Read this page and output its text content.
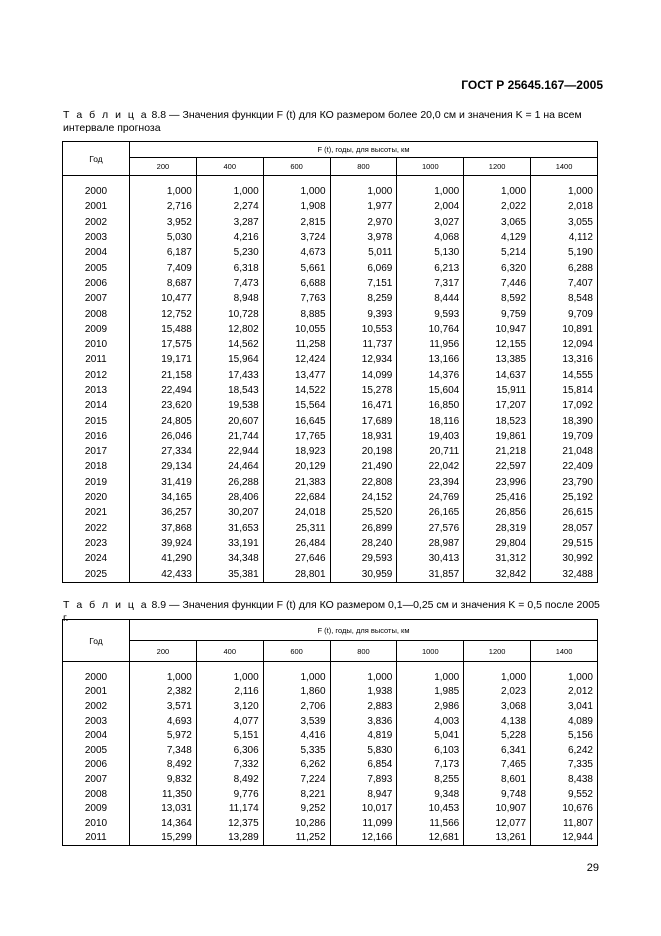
ГОСТ Р 25645.167—2005
Т а б л и ц а 8.8 — Значения функции F (t) для КО размером более 20,0 см и значения K = 1 на всем интервале прогноза
Год	F (t), годы, для высоты, км						
	200	400	600	800	1000	1200	1400

2000	1,000	1,000	1,000	1,000	1,000	1,000	1,000
2001	2,716	2,274	1,908	1,977	2,004	2,022	2,018
2002	3,952	3,287	2,815	2,970	3,027	3,065	3,055
2003	5,030	4,216	3,724	3,978	4,068	4,129	4,112
2004	6,187	5,230	4,673	5,011	5,130	5,214	5,190
2005	7,409	6,318	5,661	6,069	6,213	6,320	6,288
2006	8,687	7,473	6,688	7,151	7,317	7,446	7,407
2007	10,477	8,948	7,763	8,259	8,444	8,592	8,548
2008	12,752	10,728	8,885	9,393	9,593	9,759	9,709
2009	15,488	12,802	10,055	10,553	10,764	10,947	10,891
2010	17,575	14,562	11,258	11,737	11,956	12,155	12,094
2011	19,171	15,964	12,424	12,934	13,166	13,385	13,316
2012	21,158	17,433	13,477	14,099	14,376	14,637	14,555
2013	22,494	18,543	14,522	15,278	15,604	15,911	15,814
2014	23,620	19,538	15,564	16,471	16,850	17,207	17,092
2015	24,805	20,607	16,645	17,689	18,116	18,523	18,390
2016	26,046	21,744	17,765	18,931	19,403	19,861	19,709
2017	27,334	22,944	18,923	20,198	20,711	21,218	21,048
2018	29,134	24,464	20,129	21,490	22,042	22,597	22,409
2019	31,419	26,288	21,383	22,808	23,394	23,996	23,790
2020	34,165	28,406	22,684	24,152	24,769	25,416	25,192
2021	36,257	30,207	24,018	25,520	26,165	26,856	26,615
2022	37,868	31,653	25,311	26,899	27,576	28,319	28,057
2023	39,924	33,191	26,484	28,240	28,987	29,804	29,515
2024	41,290	34,348	27,646	29,593	30,413	31,312	30,992
2025	42,433	35,381	28,801	30,959	31,857	32,842	32,488
Т а б л и ц а 8.9 — Значения функции F (t) для КО размером 0,1—0,25 см и значения K = 0,5 после 2005 г.
Год	F (t), годы, для высоты, км						
	200	400	600	800	1000	1200	1400

2000	1,000	1,000	1,000	1,000	1,000	1,000	1,000
2001	2,382	2,116	1,860	1,938	1,985	2,023	2,012
2002	3,571	3,120	2,706	2,883	2,986	3,068	3,041
2003	4,693	4,077	3,539	3,836	4,003	4,138	4,089
2004	5,972	5,151	4,416	4,819	5,041	5,228	5,156
2005	7,348	6,306	5,335	5,830	6,103	6,341	6,242
2006	8,492	7,332	6,262	6,854	7,173	7,465	7,335
2007	9,832	8,492	7,224	7,893	8,255	8,601	8,438
2008	11,350	9,776	8,221	8,947	9,348	9,748	9,552
2009	13,031	11,174	9,252	10,017	10,453	10,907	10,676
2010	14,364	12,375	10,286	11,099	11,566	12,077	11,807
2011	15,299	13,289	11,252	12,166	12,681	13,261	12,944
29
